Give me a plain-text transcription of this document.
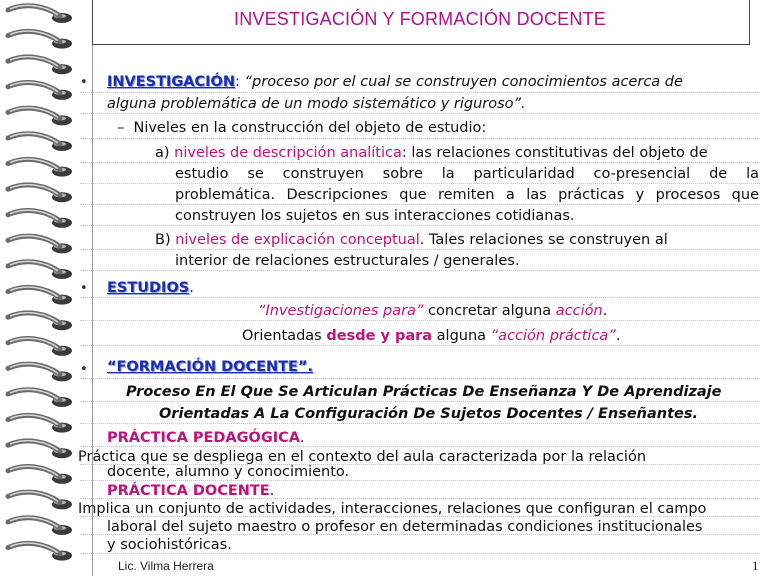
INVESTIGACIÓN Y FORMACIÓN DOCENTE
• INVESTIGACIÓN: “proceso por el cual se construyen conocimientos acerca de
alguna problemática de un modo sistemático y riguroso”.
– Niveles en la construcción del objeto de estudio:
a) niveles de descripción analítica: las relaciones constitutivas del objeto de
estudio se construyen sobre la particularidad co-presencial de la
problemática. Descripciones que remiten a las prácticas y procesos que
construyen los sujetos en sus interacciones cotidianas.
B) niveles de explicación conceptual. Tales relaciones se construyen al
interior de relaciones estructurales / generales.
• ESTUDIOS.
“Investigaciones para” concretar alguna acción.
Orientadas desde y para alguna “acción práctica”.
• “FORMACIÓN DOCENTE”.
Proceso En El Que Se Articulan Prácticas De Enseñanza Y De Aprendizaje
Orientadas A La Configuración De Sujetos Docentes / Enseñantes.
PRÁCTICA PEDAGÓGICA.
Práctica que se despliega en el contexto del aula caracterizada por la relación
docente, alumno y conocimiento.
PRÁCTICA DOCENTE.
Implica un conjunto de actividades, interacciones, relaciones que configuran el campo
laboral del sujeto maestro o profesor en determinadas condiciones institucionales
y sociohistóricas.
Lic. Vilma Herrera	1
